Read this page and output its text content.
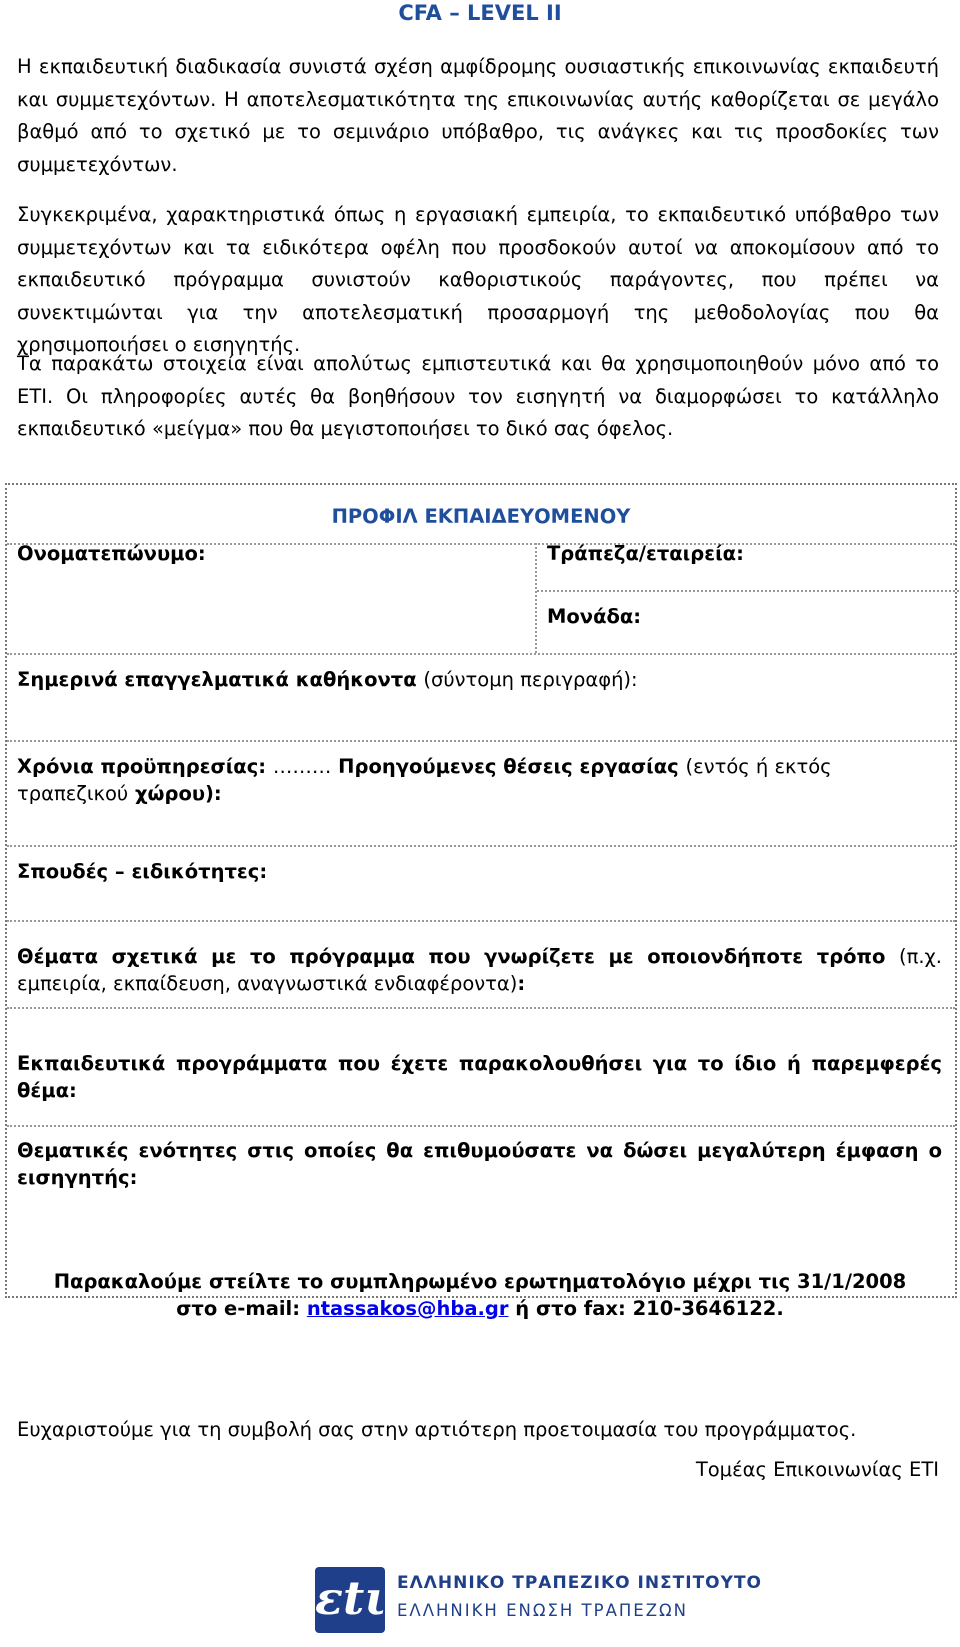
CFA – LEVEL II

Η εκπαιδευτική διαδικασία συνιστά σχέση αμφίδρομης ουσιαστικής επικοινωνίας εκπαιδευτή και συμμετεχόντων. Η αποτελεσματικότητα της επικοινωνίας αυτής καθορίζεται σε μεγάλο βαθμό από το σχετικό με το σεμινάριο υπόβαθρο, τις ανάγκες και τις προσδοκίες των συμμετεχόντων.

Συγκεκριμένα, χαρακτηριστικά όπως η εργασιακή εμπειρία, το εκπαιδευτικό υπόβαθρο των συμμετεχόντων και τα ειδικότερα οφέλη που προσδοκούν αυτοί να αποκομίσουν από το εκπαιδευτικό πρόγραμμα συνιστούν καθοριστικούς παράγοντες, που πρέπει να συνεκτιμώνται για την αποτελεσματική προσαρμογή της μεθοδολογίας που θα χρησιμοποιήσει ο εισηγητής.

Τα παρακάτω στοιχεία είναι απολύτως εμπιστευτικά και θα χρησιμοποιηθούν μόνο από το ΕΤΙ. Οι πληροφορίες αυτές θα βοηθήσουν τον εισηγητή να διαμορφώσει το κατάλληλο εκπαιδευτικό «μείγμα» που θα μεγιστοποιήσει το δικό σας όφελος.

ΠΡΟΦΙΛ ΕΚΠΑΙΔΕΥΟΜΕΝΟΥ
Ονοματεπώνυμο:	Τράπεζα/εταιρεία:
Μονάδα:
Σημερινά επαγγελματικά καθήκοντα (σύντομη περιγραφή):
Χρόνια προϋπηρεσίας: ……… Προηγούμενες θέσεις εργασίας (εντός ή εκτός τραπεζικού χώρου):
Σπουδές – ειδικότητες:
Θέματα σχετικά με το πρόγραμμα που γνωρίζετε με οποιονδήποτε τρόπο (π.χ. εμπειρία, εκπαίδευση, αναγνωστικά ενδιαφέροντα):
Εκπαιδευτικά προγράμματα που έχετε παρακολουθήσει για το ίδιο ή παρεμφερές θέμα:
Θεματικές ενότητες στις οποίες θα επιθυμούσατε να δώσει μεγαλύτερη έμφαση ο εισηγητής:
Παρακαλούμε στείλτε το συμπληρωμένο ερωτηματολόγιο μέχρι τις 31/1/2008
στο e-mail: ntassakos@hba.gr ή στο fax: 210-3646122.
Ευχαριστούμε για τη συμβολή σας στην αρτιότερη προετοιμασία του προγράμματος.
Τομέας Επικοινωνίας ΕΤΙ
εtι ΕΛΛΗΝΙΚΟ ΤΡΑΠΕΖΙΚΟ ΙΝΣΤΙΤΟΥΤΟ
ΕΛΛΗΝΙΚΗ ΕΝΩΣΗ ΤΡΑΠΕΖΩΝ
